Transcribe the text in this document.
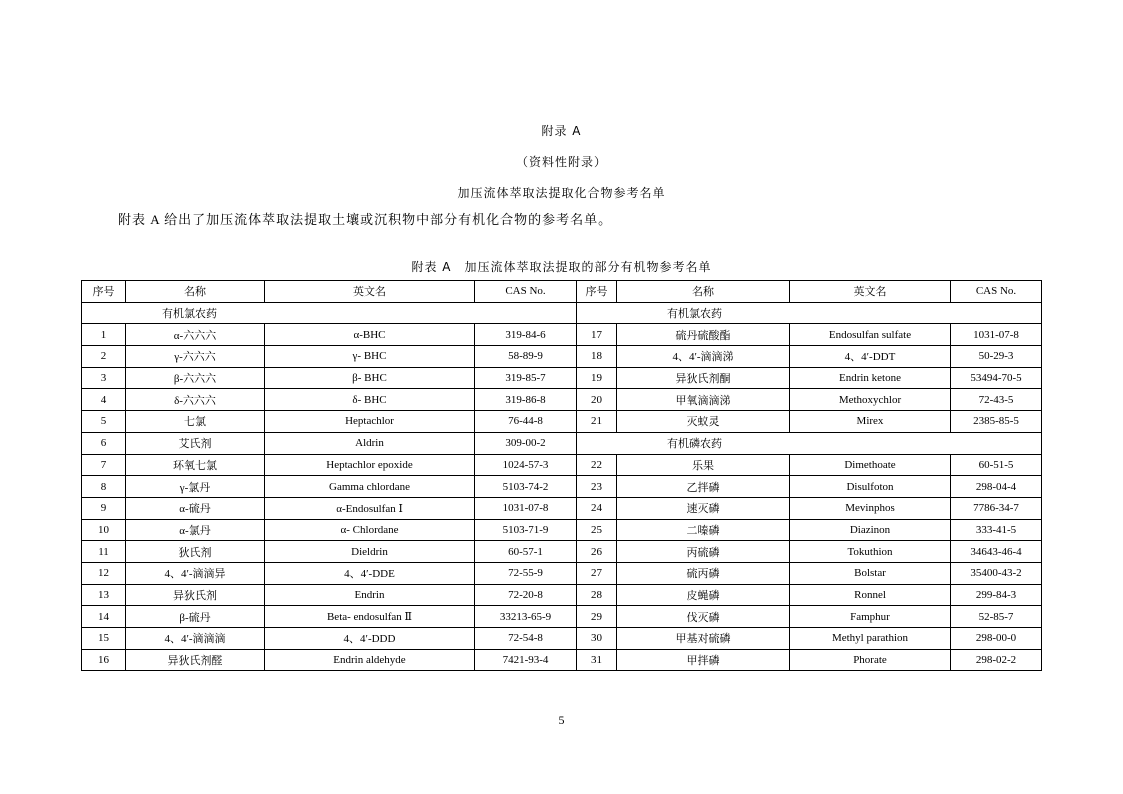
附录 A
（资料性附录）
加压流体萃取法提取化合物参考名单
附表 A 给出了加压流体萃取法提取土壤或沉积物中部分有机化合物的参考名单。
附表 A　加压流体萃取法提取的部分有机物参考名单
序号	名称	英文名	CAS No.	序号	名称	英文名	CAS No.
有机氯农药				有机氯农药			
1	α-六六六	α-BHC	319-84-6	17	硫丹硫酸酯	Endosulfan sulfate	1031-07-8
2	γ-六六六	γ- BHC	58-89-9	18	4、4′-滴滴涕	4、4′-DDT	50-29-3
3	β-六六六	β- BHC	319-85-7	19	异狄氏剂酮	Endrin ketone	53494-70-5
4	δ-六六六	δ- BHC	319-86-8	20	甲氧滴滴涕	Methoxychlor	72-43-5
5	七氯	Heptachlor	76-44-8	21	灭蚁灵	Mirex	2385-85-5
6	艾氏剂	Aldrin	309-00-2	有机磷农药			
7	环氧七氯	Heptachlor epoxide	1024-57-3	22	乐果	Dimethoate	60-51-5
8	γ-氯丹	Gamma chlordane	5103-74-2	23	乙拌磷	Disulfoton	298-04-4
9	α-硫丹	α-Endosulfan Ⅰ	1031-07-8	24	速灭磷	Mevinphos	7786-34-7
10	α-氯丹	α- Chlordane	5103-71-9	25	二嗪磷	Diazinon	333-41-5
11	狄氏剂	Dieldrin	60-57-1	26	丙硫磷	Tokuthion	34643-46-4
12	4、4′-滴滴异	4、4′-DDE	72-55-9	27	硫丙磷	Bolstar	35400-43-2
13	异狄氏剂	Endrin	72-20-8	28	皮蝇磷	Ronnel	299-84-3
14	β-硫丹	Beta- endosulfan Ⅱ	33213-65-9	29	伐灭磷	Famphur	52-85-7
15	4、4′-滴滴滴	4、4′-DDD	72-54-8	30	甲基对硫磷	Methyl parathion	298-00-0
16	异狄氏剂醛	Endrin aldehyde	7421-93-4	31	甲拌磷	Phorate	298-02-2
5
